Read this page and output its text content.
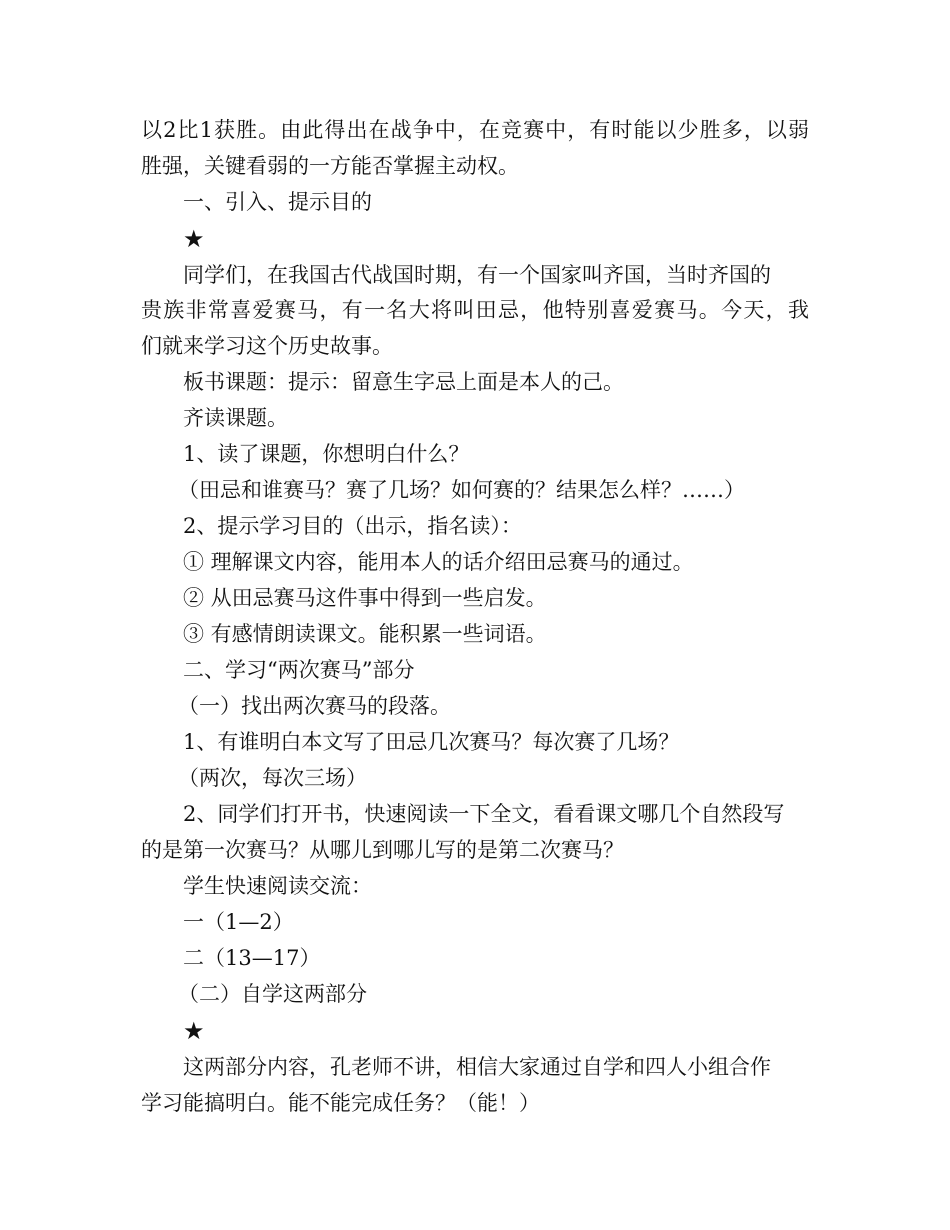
以2比1获胜。由此得出在战争中，在竞赛中，有时能以少胜多，以弱
胜强，关键看弱的一方能否掌握主动权。
一、引入、提示目的
★
同学们，在我国古代战国时期，有一个国家叫齐国，当时齐国的
贵族非常喜爱赛马，有一名大将叫田忌，他特别喜爱赛马。今天，我
们就来学习这个历史故事。
板书课题：提示：留意生字忌上面是本人的己。
齐读课题。
1、读了课题，你想明白什么？
（田忌和谁赛马？赛了几场？如何赛的？结果怎么样？……）
2、提示学习目的（出示，指名读）：
① 理解课文内容，能用本人的话介绍田忌赛马的通过。
② 从田忌赛马这件事中得到一些启发。
③ 有感情朗读课文。能积累一些词语。
二、学习“两次赛马”部分
（一）找出两次赛马的段落。
1、有谁明白本文写了田忌几次赛马？每次赛了几场？
（两次，每次三场）
2、同学们打开书，快速阅读一下全文，看看课文哪几个自然段写
的是第一次赛马？从哪儿到哪儿写的是第二次赛马？
学生快速阅读交流：
一（1—2）
二（13—17）
（二）自学这两部分
★
这两部分内容，孔老师不讲，相信大家通过自学和四人小组合作
学习能搞明白。能不能完成任务？（能！）
